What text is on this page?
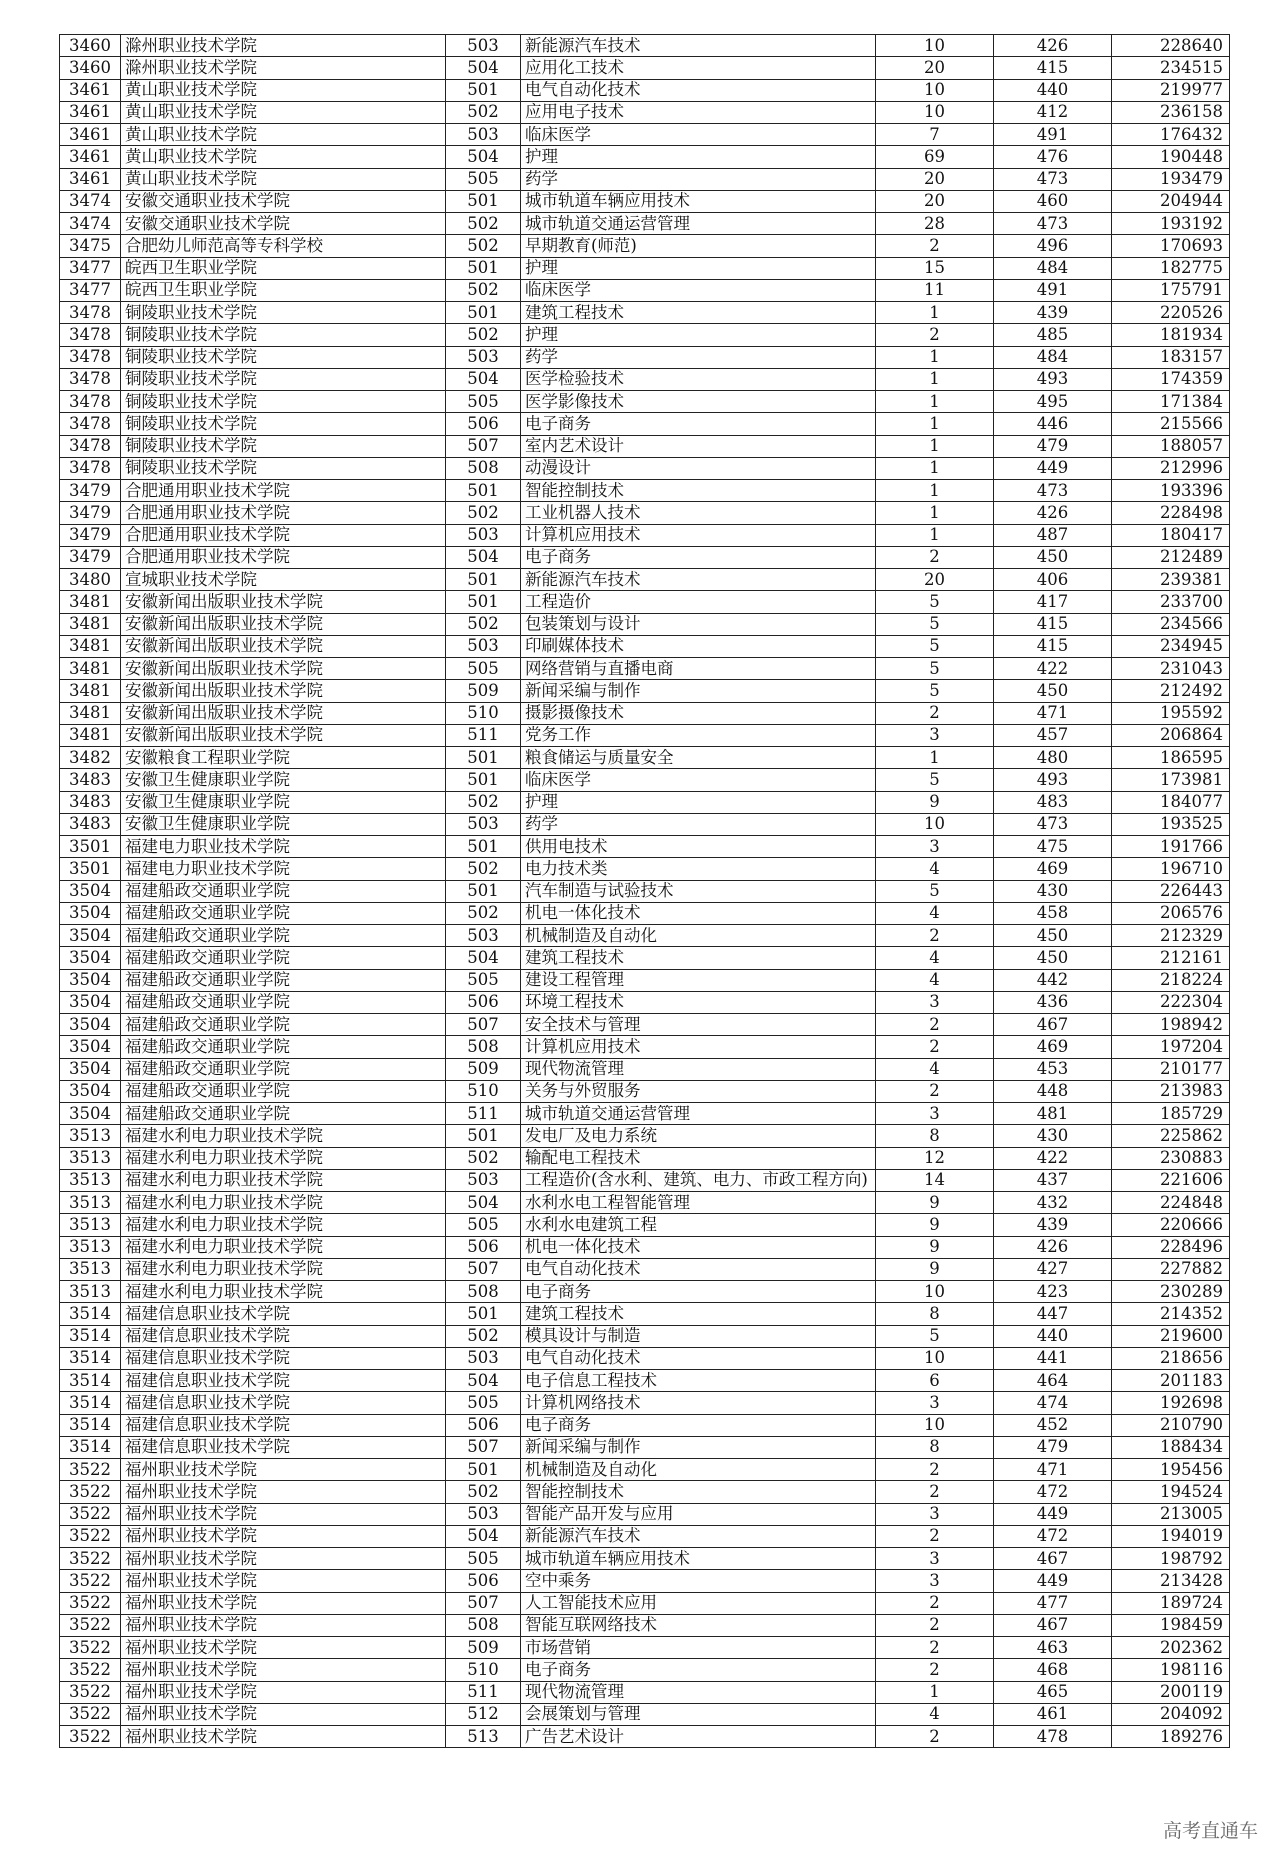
3460	滁州职业技术学院	503	新能源汽车技术	10	426	228640
3460	滁州职业技术学院	504	应用化工技术	20	415	234515
3461	黄山职业技术学院	501	电气自动化技术	10	440	219977
3461	黄山职业技术学院	502	应用电子技术	10	412	236158
3461	黄山职业技术学院	503	临床医学	7	491	176432
3461	黄山职业技术学院	504	护理	69	476	190448
3461	黄山职业技术学院	505	药学	20	473	193479
3474	安徽交通职业技术学院	501	城市轨道车辆应用技术	20	460	204944
3474	安徽交通职业技术学院	502	城市轨道交通运营管理	28	473	193192
3475	合肥幼儿师范高等专科学校	502	早期教育(师范)	2	496	170693
3477	皖西卫生职业学院	501	护理	15	484	182775
3477	皖西卫生职业学院	502	临床医学	11	491	175791
3478	铜陵职业技术学院	501	建筑工程技术	1	439	220526
3478	铜陵职业技术学院	502	护理	2	485	181934
3478	铜陵职业技术学院	503	药学	1	484	183157
3478	铜陵职业技术学院	504	医学检验技术	1	493	174359
3478	铜陵职业技术学院	505	医学影像技术	1	495	171384
3478	铜陵职业技术学院	506	电子商务	1	446	215566
3478	铜陵职业技术学院	507	室内艺术设计	1	479	188057
3478	铜陵职业技术学院	508	动漫设计	1	449	212996
3479	合肥通用职业技术学院	501	智能控制技术	1	473	193396
3479	合肥通用职业技术学院	502	工业机器人技术	1	426	228498
3479	合肥通用职业技术学院	503	计算机应用技术	1	487	180417
3479	合肥通用职业技术学院	504	电子商务	2	450	212489
3480	宣城职业技术学院	501	新能源汽车技术	20	406	239381
3481	安徽新闻出版职业技术学院	501	工程造价	5	417	233700
3481	安徽新闻出版职业技术学院	502	包装策划与设计	5	415	234566
3481	安徽新闻出版职业技术学院	503	印刷媒体技术	5	415	234945
3481	安徽新闻出版职业技术学院	505	网络营销与直播电商	5	422	231043
3481	安徽新闻出版职业技术学院	509	新闻采编与制作	5	450	212492
3481	安徽新闻出版职业技术学院	510	摄影摄像技术	2	471	195592
3481	安徽新闻出版职业技术学院	511	党务工作	3	457	206864
3482	安徽粮食工程职业学院	501	粮食储运与质量安全	1	480	186595
3483	安徽卫生健康职业学院	501	临床医学	5	493	173981
3483	安徽卫生健康职业学院	502	护理	9	483	184077
3483	安徽卫生健康职业学院	503	药学	10	473	193525
3501	福建电力职业技术学院	501	供用电技术	3	475	191766
3501	福建电力职业技术学院	502	电力技术类	4	469	196710
3504	福建船政交通职业学院	501	汽车制造与试验技术	5	430	226443
3504	福建船政交通职业学院	502	机电一体化技术	4	458	206576
3504	福建船政交通职业学院	503	机械制造及自动化	2	450	212329
3504	福建船政交通职业学院	504	建筑工程技术	4	450	212161
3504	福建船政交通职业学院	505	建设工程管理	4	442	218224
3504	福建船政交通职业学院	506	环境工程技术	3	436	222304
3504	福建船政交通职业学院	507	安全技术与管理	2	467	198942
3504	福建船政交通职业学院	508	计算机应用技术	2	469	197204
3504	福建船政交通职业学院	509	现代物流管理	4	453	210177
3504	福建船政交通职业学院	510	关务与外贸服务	2	448	213983
3504	福建船政交通职业学院	511	城市轨道交通运营管理	3	481	185729
3513	福建水利电力职业技术学院	501	发电厂及电力系统	8	430	225862
3513	福建水利电力职业技术学院	502	输配电工程技术	12	422	230883
3513	福建水利电力职业技术学院	503	工程造价(含水利、建筑、电力、市政工程方向)	14	437	221606
3513	福建水利电力职业技术学院	504	水利水电工程智能管理	9	432	224848
3513	福建水利电力职业技术学院	505	水利水电建筑工程	9	439	220666
3513	福建水利电力职业技术学院	506	机电一体化技术	9	426	228496
3513	福建水利电力职业技术学院	507	电气自动化技术	9	427	227882
3513	福建水利电力职业技术学院	508	电子商务	10	423	230289
3514	福建信息职业技术学院	501	建筑工程技术	8	447	214352
3514	福建信息职业技术学院	502	模具设计与制造	5	440	219600
3514	福建信息职业技术学院	503	电气自动化技术	10	441	218656
3514	福建信息职业技术学院	504	电子信息工程技术	6	464	201183
3514	福建信息职业技术学院	505	计算机网络技术	3	474	192698
3514	福建信息职业技术学院	506	电子商务	10	452	210790
3514	福建信息职业技术学院	507	新闻采编与制作	8	479	188434
3522	福州职业技术学院	501	机械制造及自动化	2	471	195456
3522	福州职业技术学院	502	智能控制技术	2	472	194524
3522	福州职业技术学院	503	智能产品开发与应用	3	449	213005
3522	福州职业技术学院	504	新能源汽车技术	2	472	194019
3522	福州职业技术学院	505	城市轨道车辆应用技术	3	467	198792
3522	福州职业技术学院	506	空中乘务	3	449	213428
3522	福州职业技术学院	507	人工智能技术应用	2	477	189724
3522	福州职业技术学院	508	智能互联网络技术	2	467	198459
3522	福州职业技术学院	509	市场营销	2	463	202362
3522	福州职业技术学院	510	电子商务	2	468	198116
3522	福州职业技术学院	511	现代物流管理	1	465	200119
3522	福州职业技术学院	512	会展策划与管理	4	461	204092
3522	福州职业技术学院	513	广告艺术设计	2	478	189276
高考直通车
